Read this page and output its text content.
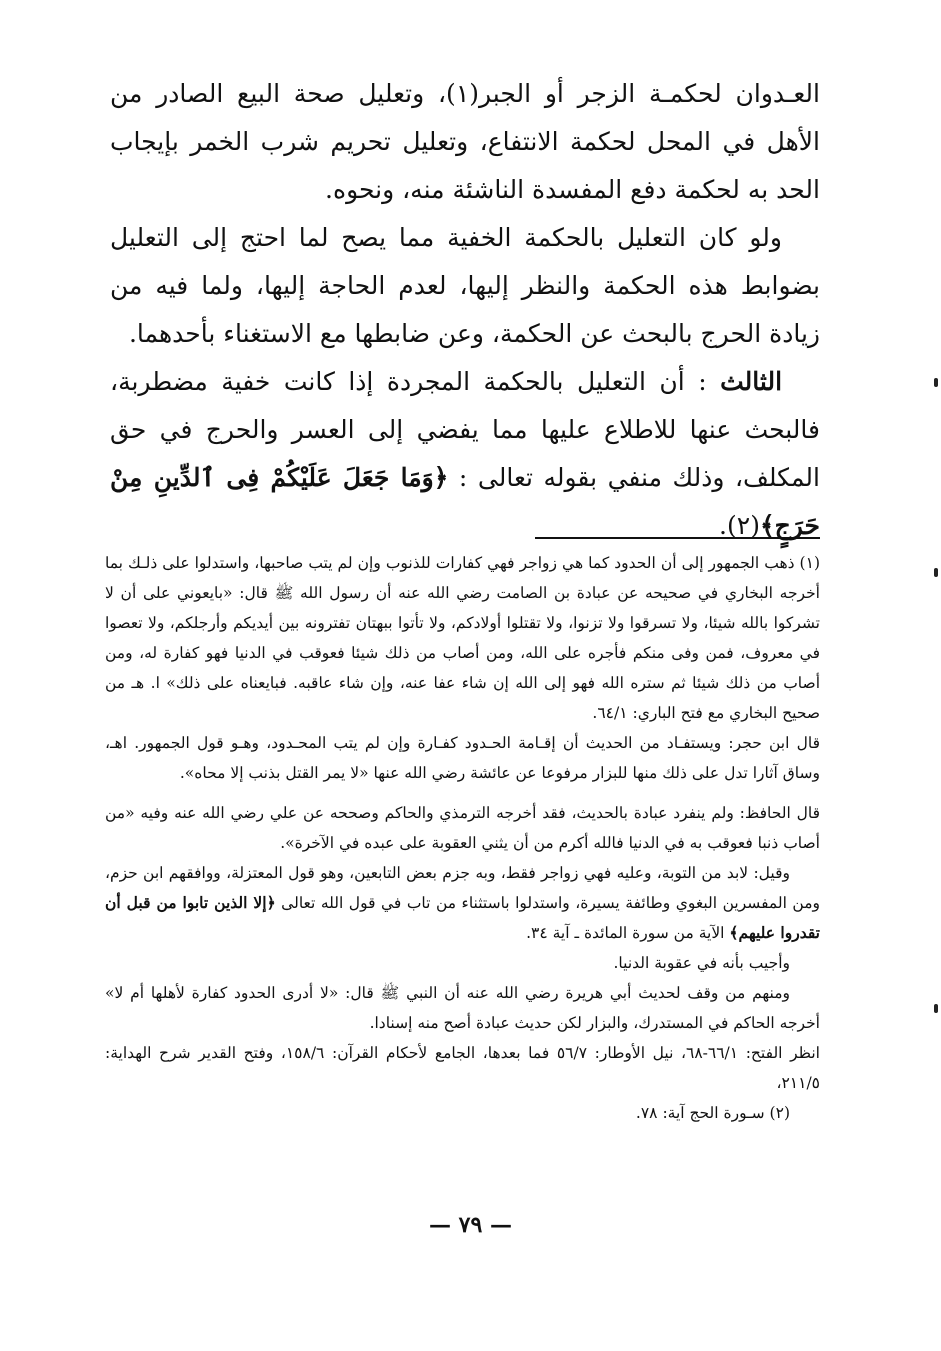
العـدوان لحكمـة الزجر أو الجبر(١)، وتعليل صحة البيع الصادر من الأهل في المحل لحكمة الانتفاع، وتعليل تحريم شرب الخمر بإيجاب الحد به لحكمة دفع المفسدة الناشئة منه، ونحوه.

ولو كان التعليل بالحكمة الخفية مما يصح لما احتج إلى التعليل بضوابط هذه الحكمة والنظر إليها، لعدم الحاجة إليها، ولما فيه من زيادة الحرج بالبحث عن الحكمة، وعن ضابطها مع الاستغناء بأحدهما.

الثالث : أن التعليل بالحكمة المجردة إذا كانت خفية مضطربة، فالبحث عنها للاطلاع عليها مما يفضي إلى العسر والحرج في حق المكلف، وذلك منفي بقوله تعالى : ﴿وَمَا جَعَلَ عَلَيْكُمْ فِى ٱلدِّينِ مِنْ حَرَجٍ﴾(٢).

(١) ذهب الجمهور إلى أن الحدود كما هي زواجر فهي كفارات للذنوب وإن لم يتب صاحبها، واستدلوا على ذلـك بما أخرجه البخاري في صحيحه عن عبادة بن الصامت رضي الله عنه أن رسول الله ﷺ قال: «بايعوني على أن لا تشركوا بالله شيئا، ولا تسرقوا ولا تزنوا، ولا تقتلوا أولادكم، ولا تأتوا ببهتان تفترونه بين أيديكم وأرجلكم، ولا تعصوا في معروف، فمن وفى منكم فأجره على الله، ومن أصاب من ذلك شيئا فعوقب في الدنيا فهو كفارة له، ومن أصاب من ذلك شيئا ثم ستره الله فهو إلى الله إن شاء عفا عنه، وإن شاء عاقبه. فبايعناه على ذلك» ا. هـ من صحيح البخاري مع فتح الباري: ٦٤/١.

قال ابن حجر: ويستفـاد من الحديث أن إقـامة الحـدود كفـارة وإن لم يتب المحـدود، وهـو قول الجمهور. اهـ، وساق آثارا تدل على ذلك منها للبزار مرفوعا عن عائشة رضي الله عنها «لا يمر القتل بذنب إلا محاه».

قال الحافظ: ولم ينفرد عبادة بالحديث، فقد أخرجه الترمذي والحاكم وصححه عن علي رضي الله عنه وفيه «من أصاب ذنبا فعوقب به في الدنيا فالله أكرم من أن يثني العقوبة على عبده في الآخرة».

وقيل: لابد من التوبة، وعليه فهي زواجر فقط، وبه جزم بعض التابعين، وهو قول المعتزلة، ووافقهم ابن حزم، ومن المفسرين البغوي وطائفة يسيرة، واستدلوا باستثناء من تاب في قول الله تعالى ﴿إلا الذين تابوا من قبل أن تقدروا عليهم﴾ الآية من سورة المائدة ـ آية ٣٤.

وأجيب بأنه في عقوبة الدنيا.

ومنهم من وقف لحديث أبي هريرة رضي الله عنه أن النبي ﷺ قال: «لا أدرى الحدود كفارة لأهلها أم لا» أخرجه الحاكم في المستدرك، والبزار لكن حديث عبادة أصح منه إسنادا.

انظر الفتح: ٦٦/١-٦٨، نيل الأوطار: ٥٦/٧ فما بعدها، الجامع لأحكام القرآن: ١٥٨/٦، وفتح القدير شرح الهداية: ٢١١/٥،

(٢) سـورة الحج آية: ٧٨.

— ٧٩ —
